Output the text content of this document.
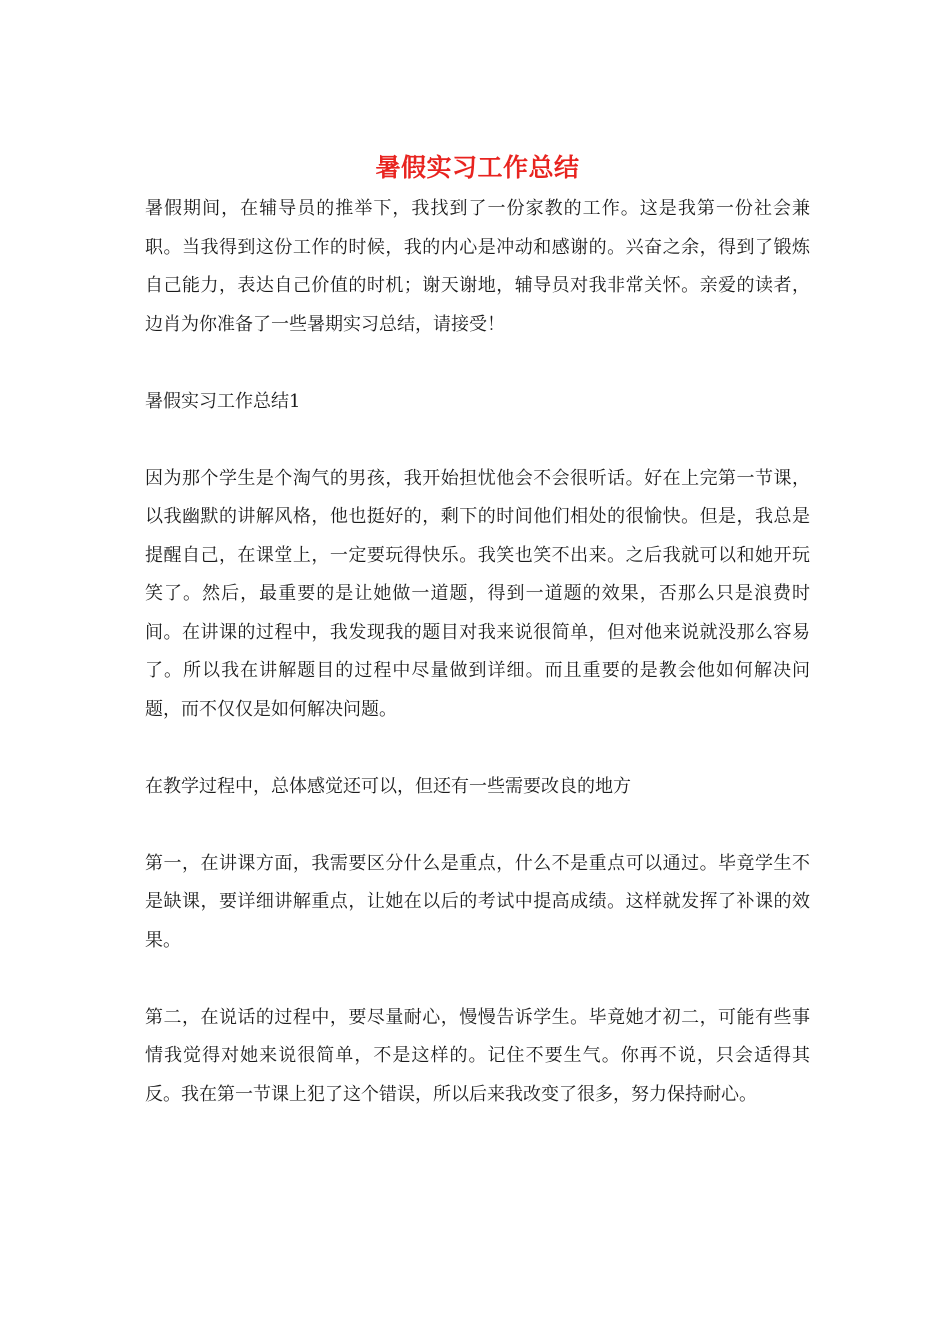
暑假实习工作总结

暑假期间，在辅导员的推举下，我找到了一份家教的工作。这是我第一份社会兼职。当我得到这份工作的时候，我的内心是冲动和感谢的。兴奋之余，得到了锻炼自己能力，表达自己价值的时机；谢天谢地，辅导员对我非常关怀。亲爱的读者，边肖为你准备了一些暑期实习总结，请接受！

暑假实习工作总结1

因为那个学生是个淘气的男孩，我开始担忧他会不会很听话。好在上完第一节课，以我幽默的讲解风格，他也挺好的，剩下的时间他们相处的很愉快。但是，我总是提醒自己，在课堂上，一定要玩得快乐。我笑也笑不出来。之后我就可以和她开玩笑了。然后，最重要的是让她做一道题，得到一道题的效果，否那么只是浪费时间。在讲课的过程中，我发现我的题目对我来说很简单，但对他来说就没那么容易了。所以我在讲解题目的过程中尽量做到详细。而且重要的是教会他如何解决问题，而不仅仅是如何解决问题。

在教学过程中，总体感觉还可以，但还有一些需要改良的地方

第一，在讲课方面，我需要区分什么是重点，什么不是重点可以通过。毕竟学生不是缺课，要详细讲解重点，让她在以后的考试中提高成绩。这样就发挥了补课的效果。

第二，在说话的过程中，要尽量耐心，慢慢告诉学生。毕竟她才初二，可能有些事情我觉得对她来说很简单，不是这样的。记住不要生气。你再不说，只会适得其反。我在第一节课上犯了这个错误，所以后来我改变了很多，努力保持耐心。
